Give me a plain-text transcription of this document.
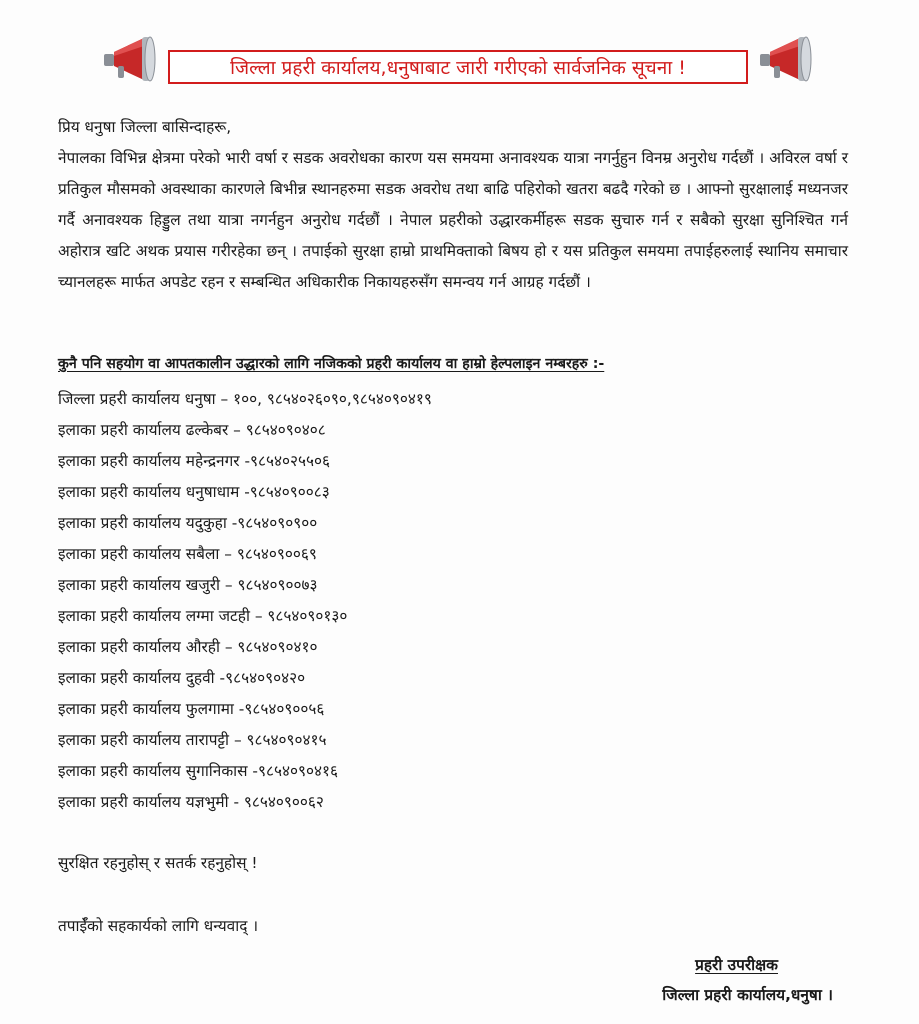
जिल्ला प्रहरी कार्यालय,धनुषाबाट जारी गरीएको सार्वजनिक सूचना !

प्रिय धनुषा जिल्ला बासिन्दाहरू,

नेपालका विभिन्न क्षेत्रमा परेको भारी वर्षा र सडक अवरोधका कारण यस समयमा अनावश्यक यात्रा नगर्नुहुन विनम्र अनुरोध गर्दछौं । अविरल वर्षा र प्रतिकुल मौसमको अवस्थाका कारणले बिभीन्न स्थानहरुमा सडक अवरोध तथा बाढि पहिरोको खतरा बढदै गरेको छ । आफ्नो सुरक्षालाई मध्यनजर गर्दै अनावश्यक हिड्डुल तथा यात्रा नगर्नहुन अनुरोध गर्दछौं । नेपाल प्रहरीको उद्धारकर्मीहरू सडक सुचारु गर्न र सबैको सुरक्षा सुनिश्चित गर्न अहोरात्र खटि अथक प्रयास गरीरहेका छन् । तपाईको सुरक्षा हाम्रो प्राथमिक्ताको बिषय हो र यस प्रतिकुल समयमा तपाईहरुलाई स्थानिय समाचार च्यानलहरू मार्फत अपडेट रहन र सम्बन्धित अधिकारीक निकायहरुसँग समन्वय गर्न आग्रह गर्दछौं ।

कुनै पनि सहयोग वा आपतकालीन उद्धारको लागि नजिकको प्रहरी कार्यालय वा हाम्रो हेल्पलाइन नम्बरहरु :-
जिल्ला प्रहरी कार्यालय धनुषा – १००, ९८५४०२६०९०,९८५४०९०४१९
इलाका प्रहरी कार्यालय ढल्केबर – ९८५४०९०४०८
इलाका प्रहरी कार्यालय महेन्द्रनगर -९८५४०२५५०६
इलाका प्रहरी कार्यालय धनुषाधाम -९८५४०९००८३
इलाका प्रहरी कार्यालय यदुकुहा -९८५४०९०९००
इलाका प्रहरी कार्यालय सबैला – ९८५४०९००६९
इलाका प्रहरी कार्यालय खजुरी – ९८५४०९००७३
इलाका प्रहरी कार्यालय लग्मा जटही – ९८५४०९०१३०
इलाका प्रहरी कार्यालय औरही – ९८५४०९०४१०
इलाका प्रहरी कार्यालय दुहवी -९८५४०९०४२०
इलाका प्रहरी कार्यालय फुलगामा -९८५४०९००५६
इलाका प्रहरी कार्यालय तारापट्टी – ९८५४०९०४१५
इलाका प्रहरी कार्यालय सुगानिकास -९८५४०९०४१६
इलाका प्रहरी कार्यालय यज्ञभुमी - ९८५४०९००६२
सुरक्षित रहनुहोस् र सतर्क रहनुहोस् !
तपाईँको सहकार्यको लागि धन्यवाद् ।
प्रहरी उपरीक्षक
जिल्ला प्रहरी कार्यालय,धनुषा ।
